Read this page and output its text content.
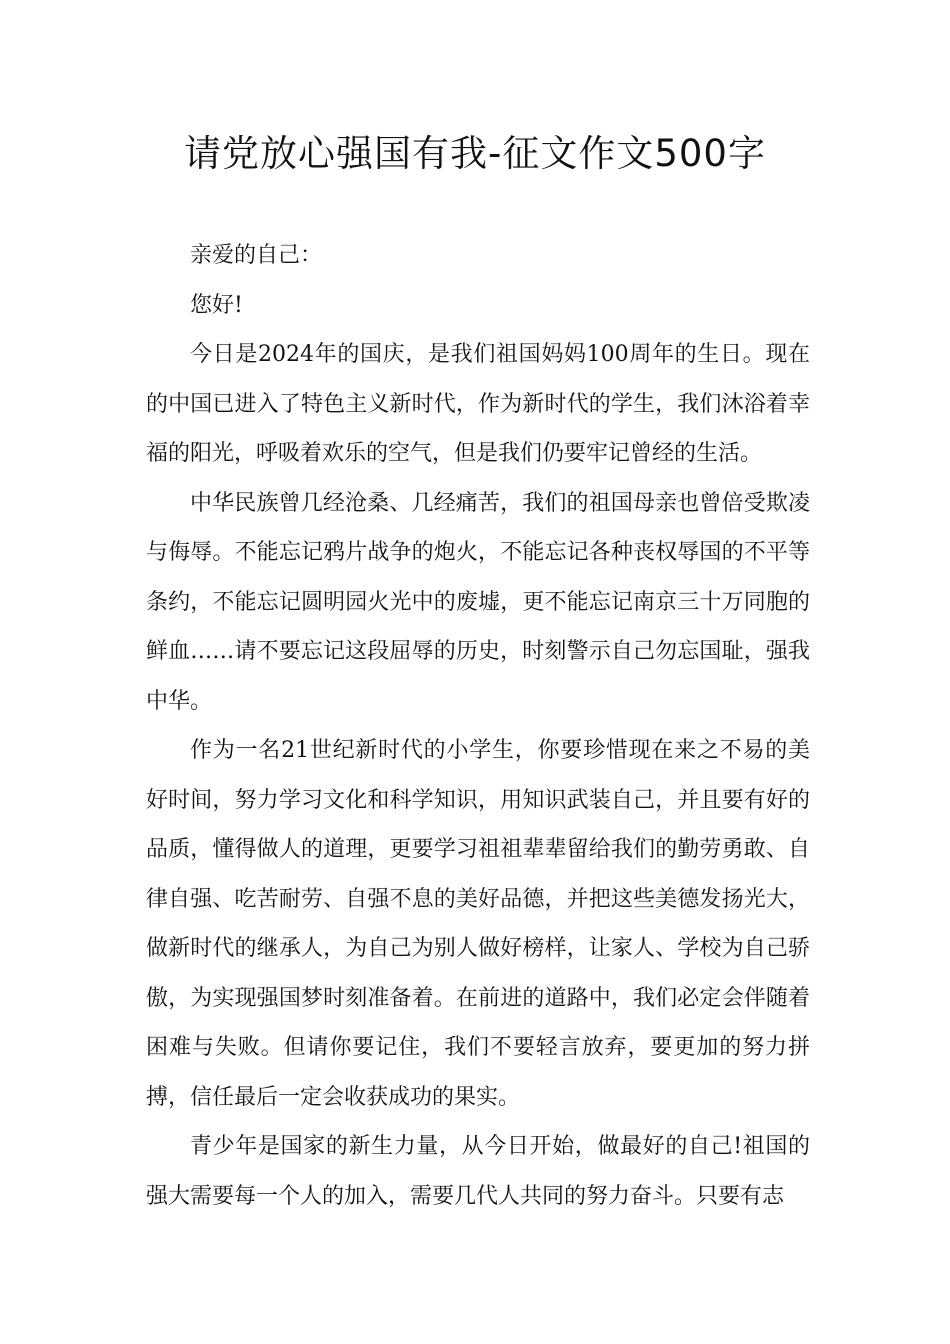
请党放心强国有我-征文作文500字

亲爱的自己：

您好!

今日是2024年的国庆，是我们祖国妈妈100周年的生日。现在的中国已进入了特色主义新时代，作为新时代的学生，我们沐浴着幸福的阳光，呼吸着欢乐的空气，但是我们仍要牢记曾经的生活。

中华民族曾几经沧桑、几经痛苦，我们的祖国母亲也曾倍受欺凌与侮辱。不能忘记鸦片战争的炮火，不能忘记各种丧权辱国的不平等条约，不能忘记圆明园火光中的废墟，更不能忘记南京三十万同胞的鲜血……请不要忘记这段屈辱的历史，时刻警示自己勿忘国耻，强我中华。

作为一名21世纪新时代的小学生，你要珍惜现在来之不易的美好时间，努力学习文化和科学知识，用知识武装自己，并且要有好的品质，懂得做人的道理，更要学习祖祖辈辈留给我们的勤劳勇敢、自律自强、吃苦耐劳、自强不息的美好品德，并把这些美德发扬光大，做新时代的继承人，为自己为别人做好榜样，让家人、学校为自己骄傲，为实现强国梦时刻准备着。在前进的道路中，我们必定会伴随着困难与失败。但请你要记住，我们不要轻言放弃，要更加的努力拼搏，信任最后一定会收获成功的果实。

青少年是国家的新生力量，从今日开始，做最好的自己!祖国的强大需要每一个人的加入，需要几代人共同的努力奋斗。只要有志
